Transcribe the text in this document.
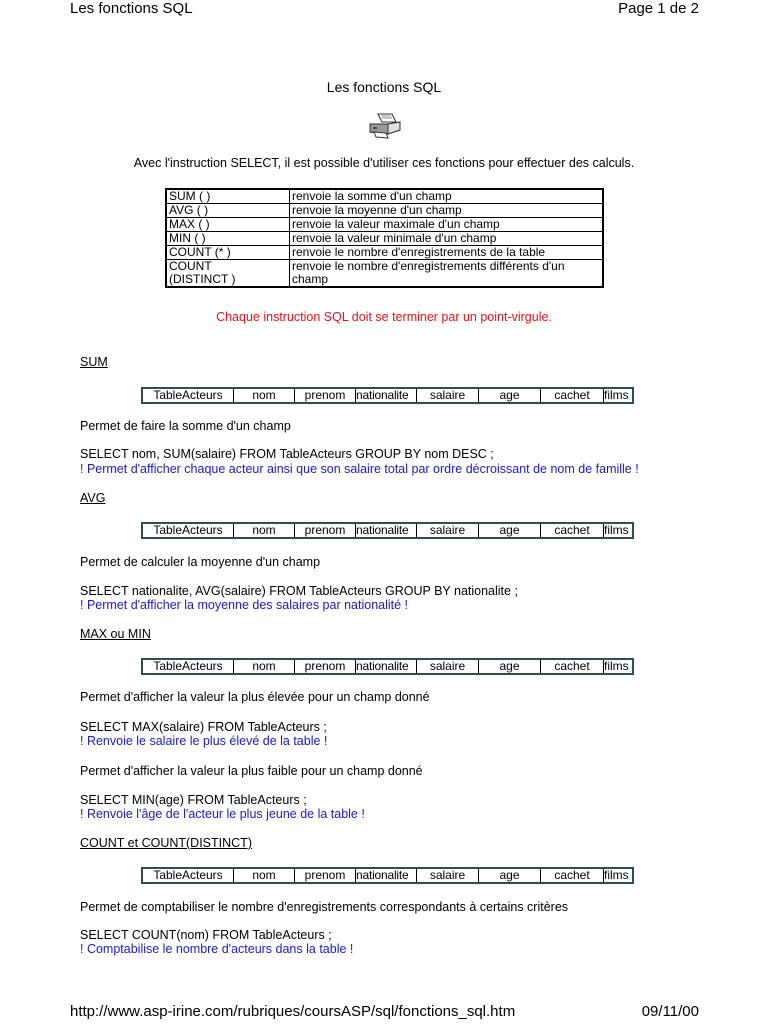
Les fonctions SQL	Page 1 de 2
Les fonctions SQL
Avec l'instruction SELECT, il est possible d'utiliser ces fonctions pour effectuer des calculs.
SUM ( )	renvoie la somme d'un champ
AVG ( )	renvoie la moyenne d'un champ
MAX ( )	renvoie la valeur maximale d'un champ
MIN ( )	renvoie la valeur minimale d'un champ
COUNT (* )	renvoie le nombre d'enregistrements de la table
COUNT
(DISTINCT )	renvoie le nombre d'enregistrements différents d'un
champ
Chaque instruction SQL doit se terminer par un point-virgule.
SUM
TableActeurs	nom	prenom	nationalite	salaire	age	cachet	films
Permet de faire la somme d'un champ
SELECT nom, SUM(salaire) FROM TableActeurs GROUP BY nom DESC ;
! Permet d'afficher chaque acteur ainsi que son salaire total par ordre décroissant de nom de famille !
AVG
TableActeurs	nom	prenom	nationalite	salaire	age	cachet	films
Permet de calculer la moyenne d'un champ
SELECT nationalite, AVG(salaire) FROM TableActeurs GROUP BY nationalite ;
! Permet d'afficher la moyenne des salaires par nationalité !
MAX ou MIN
TableActeurs	nom	prenom	nationalite	salaire	age	cachet	films
Permet d'afficher la valeur la plus élevée pour un champ donné
SELECT MAX(salaire) FROM TableActeurs ;
! Renvoie le salaire le plus élevé de la table !
Permet d'afficher la valeur la plus faible pour un champ donné
SELECT MIN(age) FROM TableActeurs ;
! Renvoie l'âge de l'acteur le plus jeune de la table !
COUNT et COUNT(DISTINCT)
TableActeurs	nom	prenom	nationalite	salaire	age	cachet	films
Permet de comptabiliser le nombre d'enregistrements correspondants à certains critères
SELECT COUNT(nom) FROM TableActeurs ;
! Comptabilise le nombre d'acteurs dans la table !
http://www.asp-irine.com/rubriques/coursASP/sql/fonctions_sql.htm	09/11/00
